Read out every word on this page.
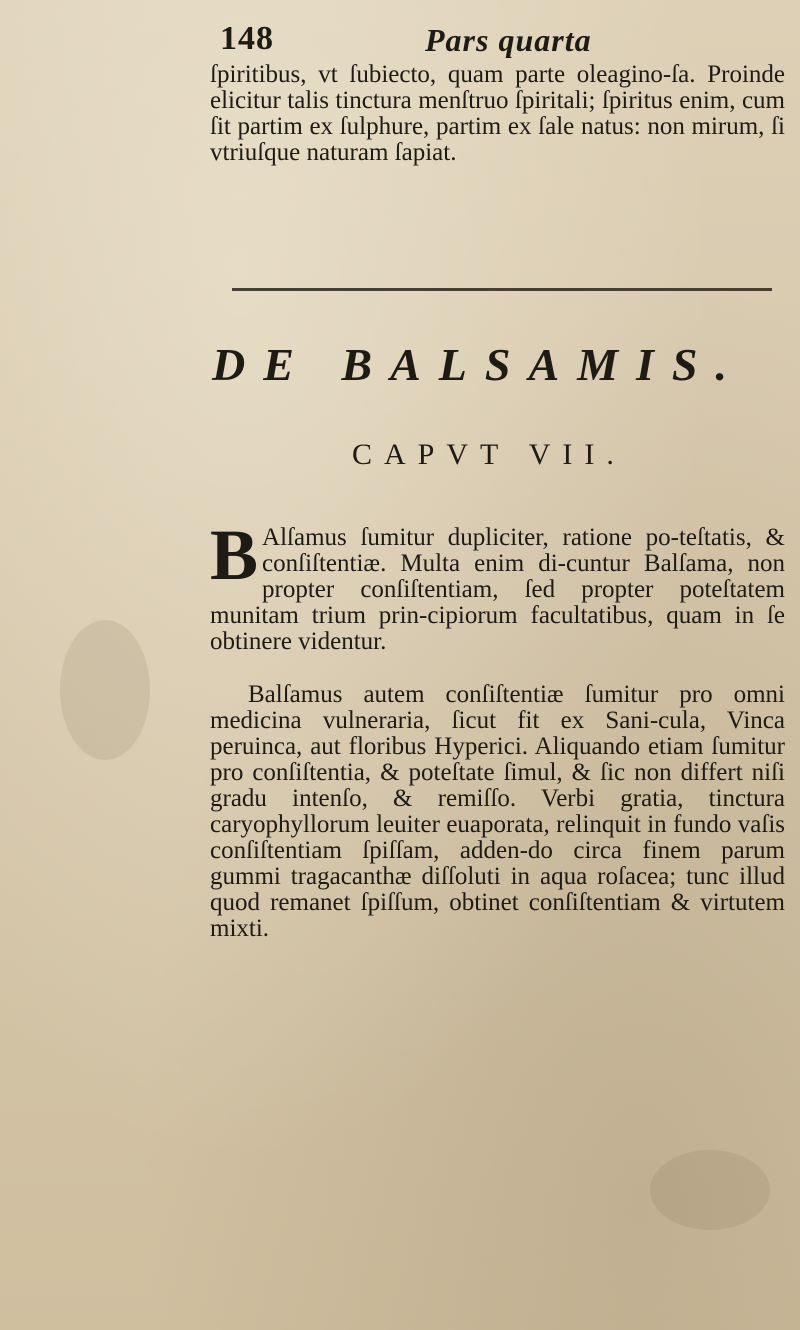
148	Pars quarta
ſpiritibus, vt ſubiecto, quam parte oleagino-ſa. Proinde elicitur talis tinctura menſtruo ſpiritali; ſpiritus enim, cum ſit partim ex ſulphure, partim ex ſale natus: non mirum, ſi vtriuſque naturam ſapiat.
DE BALSAMIS.
CAPVT VII.
B Alſamus ſumitur dupliciter, ratione po-teſtatis, & conſiſtentiæ. Multa enim di-cuntur Balſama, non propter conſiſtentiam, ſed propter poteſtatem munitam trium prin-cipiorum facultatibus, quam in ſe obtinere videntur.
Balſamus autem conſiſtentiæ ſumitur pro omni medicina vulneraria, ſicut fit ex Sani-cula, Vinca peruinca, aut floribus Hyperici. Aliquando etiam ſumitur pro conſiſtentia, & poteſtate ſimul, & ſic non differt niſi gradu intenſo, & remiſſo. Verbi gratia, tinctura caryophyllorum leuiter euaporata, relinquit in fundo vaſis conſiſtentiam ſpiſſam, adden-do circa finem parum gummi tragacanthæ diſſoluti in aqua roſacea; tunc illud quod remanet ſpiſſum, obtinet conſiſtentiam & virtutem mixti.
